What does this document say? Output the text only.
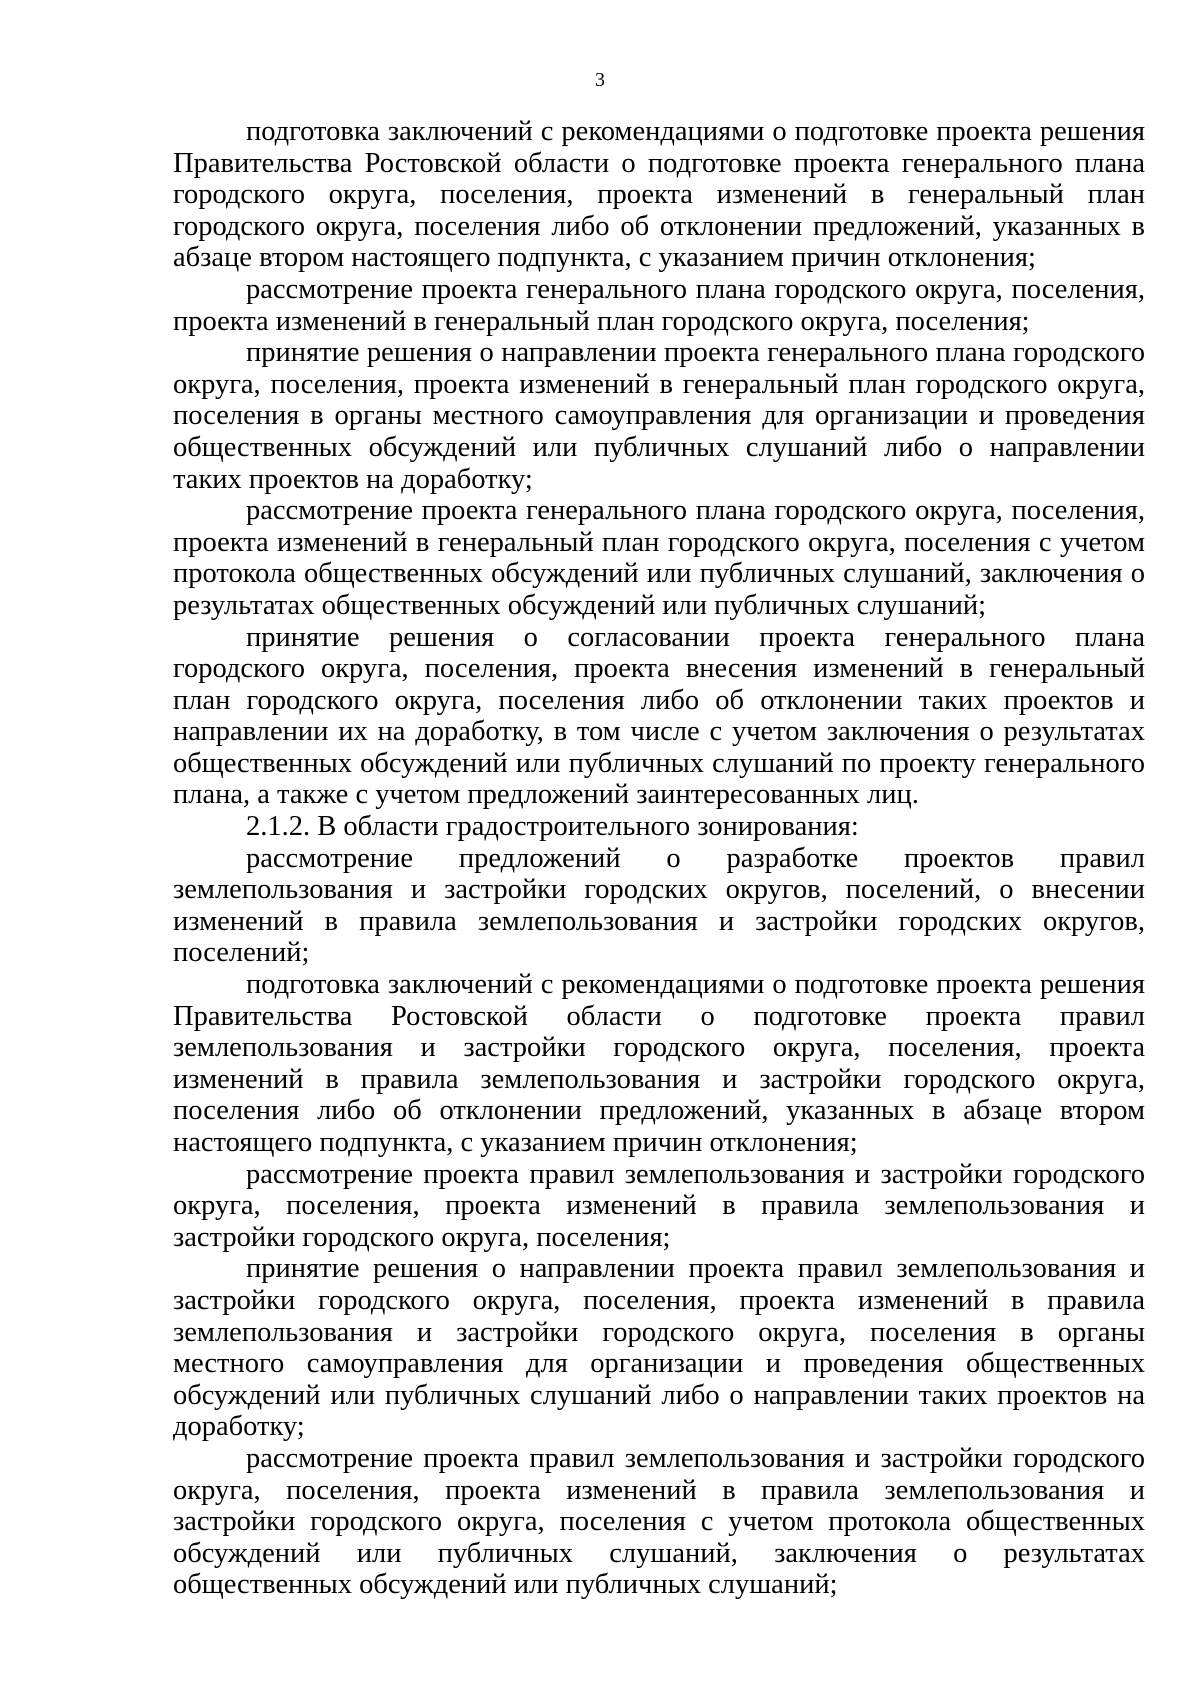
3

подготовка заключений с рекомендациями о подготовке проекта решения Правительства Ростовской области о подготовке проекта генерального плана городского округа, поселения, проекта изменений в генеральный план городского округа, поселения либо об отклонении предложений, указанных в абзаце втором настоящего подпункта, с указанием причин отклонения;

рассмотрение проекта генерального плана городского округа, поселения, проекта изменений в генеральный план городского округа, поселения;

принятие решения о направлении проекта генерального плана городского округа, поселения, проекта изменений в генеральный план городского округа, поселения в органы местного самоуправления для организации и проведения общественных обсуждений или публичных слушаний либо о направлении таких проектов на доработку;

рассмотрение проекта генерального плана городского округа, поселения, проекта изменений в генеральный план городского округа, поселения с учетом протокола общественных обсуждений или публичных слушаний, заключения о результатах общественных обсуждений или публичных слушаний;

принятие решения о согласовании проекта генерального плана городского округа, поселения, проекта внесения изменений в генеральный план городского округа, поселения либо об отклонении таких проектов и направлении их на доработку, в том числе с учетом заключения о результатах общественных обсуждений или публичных слушаний по проекту генерального плана, а также с учетом предложений заинтересованных лиц.

2.1.2. В области градостроительного зонирования:

рассмотрение предложений о разработке проектов правил землепользования и застройки городских округов, поселений, о внесении изменений в правила землепользования и застройки городских округов, поселений;

подготовка заключений с рекомендациями о подготовке проекта решения Правительства Ростовской области о подготовке проекта правил землепользования и застройки городского округа, поселения, проекта изменений в правила землепользования и застройки городского округа, поселения либо об отклонении предложений, указанных в абзаце втором настоящего подпункта, с указанием причин отклонения;

рассмотрение проекта правил землепользования и застройки городского округа, поселения, проекта изменений в правила землепользования и застройки городского округа, поселения;

принятие решения о направлении проекта правил землепользования и застройки городского округа, поселения, проекта изменений в правила землепользования и застройки городского округа, поселения в органы местного самоуправления для организации и проведения общественных обсуждений или публичных слушаний либо о направлении таких проектов на доработку;

рассмотрение проекта правил землепользования и застройки городского округа, поселения, проекта изменений в правила землепользования и застройки городского округа, поселения с учетом протокола общественных обсуждений или публичных слушаний, заключения о результатах общественных обсуждений или публичных слушаний;
